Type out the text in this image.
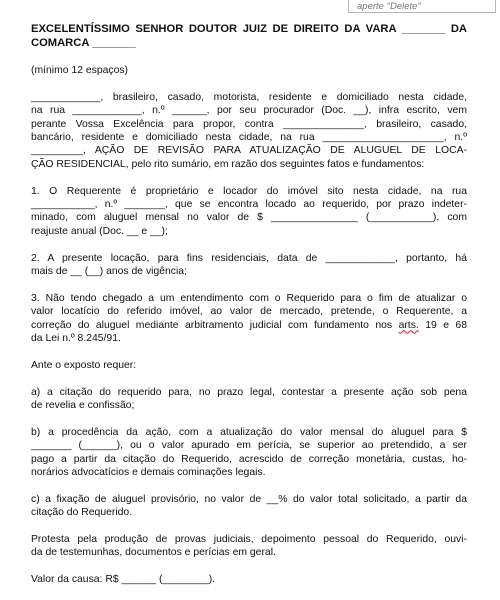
aperte "Delete"
EXCELENTÍSSIMO SENHOR DOUTOR JUIZ DE DIREITO DA VARA _______ DA
COMARCA _______

(mínimo 12 espaços)

____________, brasileiro, casado, motorista, residente e domiciliado nesta cidade,
na rua ____________, n.º ______, por seu procurador (Doc. __), infra escrito, vem
perante Vossa Excelência para propor, contra ______________, brasileiro, casado,
bancário, residente e domiciliado nesta cidade, na rua _____________________, n.º
_________, AÇÃO DE REVISÃO PARA ATUALIZAÇÃO DE ALUGUEL DE LOCA-
ÇÃO RESIDENCIAL, pelo rito sumário, em razão dos seguintes fatos e fundamentos:

1. O Requerente é proprietário e locador do imóvel sito nesta cidade, na rua
___________, n.º _______, que se encontra locado ao requerido, por prazo indeter-
minado, com aluguel mensal no valor de $ _______________ (___________), com
reajuste anual (Doc. __ e __);

2. A presente locação, para fins residenciais, data de ____________, portanto, há
mais de __ (__) anos de vigência;

3. Não tendo chegado a um entendimento com o Requerido para o fim de atualizar o
valor locatício do referido imóvel, ao valor de mercado, pretende, o Requerente, a
correção do aluguel mediante arbitramento judicial com fundamento nos arts. 19 e 68
da Lei n.º 8.245/91.

Ante o exposto requer:

a) a citação do requerido para, no prazo legal, contestar a presente ação sob pena
de revelia e confissão;

b) a procedência da ação, com a atualização do valor mensal do aluguel para $
_______ (______), ou o valor apurado em perícia, se superior ao pretendido, a ser
pago a partir da citação do Requerido, acrescido de correção monetária, custas, ho-
norários advocatícios e demais cominações legais.

c) a fixação de aluguel provisório, no valor de __% do valor total solicitado, a partir da
citação do Requerido.

Protesta pela produção de provas judiciais, depoimento pessoal do Requerido, ouvi-
da de testemunhas, documentos e perícias em geral.

Valor da causa: R$ ______ (________).
